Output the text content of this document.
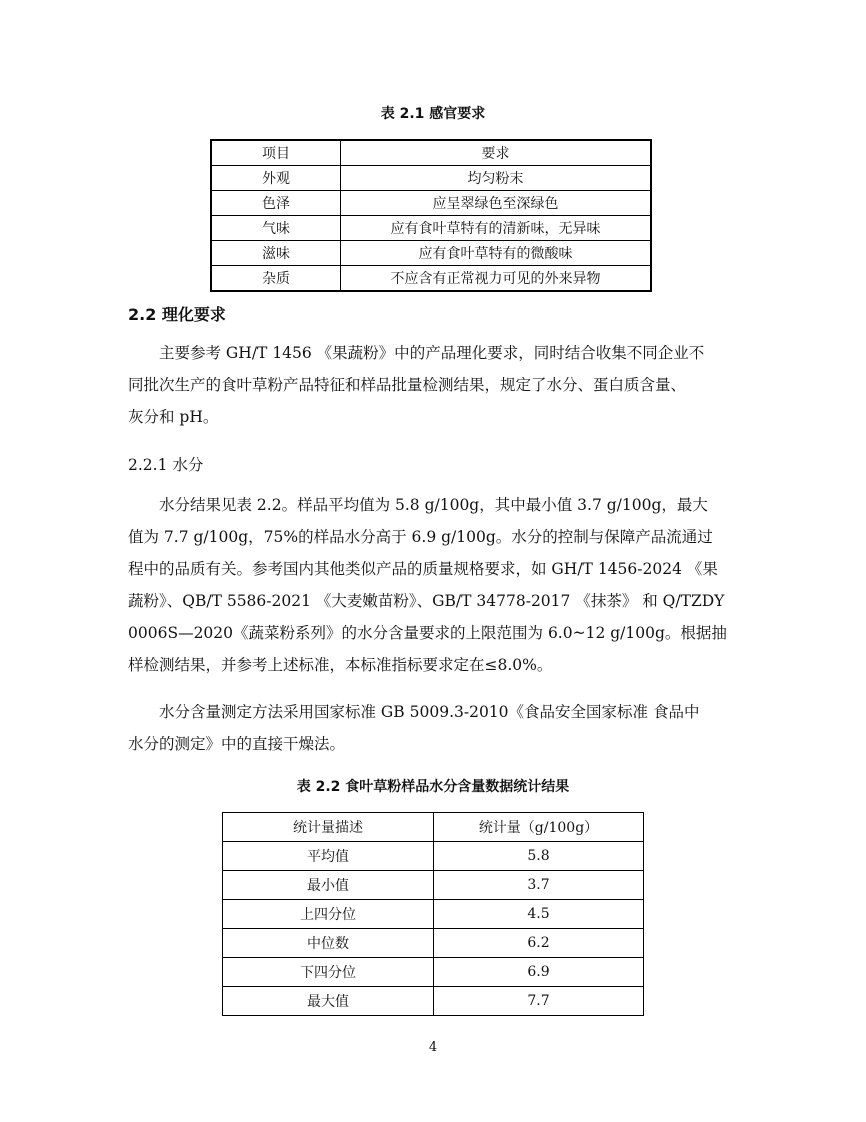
表 2.1 感官要求
项目	要求
外观	均匀粉末
色泽	应呈翠绿色至深绿色
气味	应有食叶草特有的清新味，无异味
滋味	应有食叶草特有的微酸味
杂质	不应含有正常视力可见的外来异物
2.2 理化要求
主要参考 GH/T 1456 《果蔬粉》中的产品理化要求，同时结合收集不同企业不
同批次生产的食叶草粉产品特征和样品批量检测结果，规定了水分、蛋白质含量、
灰分和 pH。
2.2.1 水分
水分结果见表 2.2。样品平均值为 5.8 g/100g，其中最小值 3.7 g/100g，最大
值为 7.7 g/100g，75%的样品水分高于 6.9 g/100g。水分的控制与保障产品流通过
程中的品质有关。参考国内其他类似产品的质量规格要求，如 GH/T 1456-2024 《果
蔬粉》、QB/T 5586-2021 《大麦嫩苗粉》、GB/T 34778-2017 《抹茶》 和 Q/TZDY
0006S—2020《蔬菜粉系列》的水分含量要求的上限范围为 6.0~12 g/100g。根据抽
样检测结果，并参考上述标准，本标准指标要求定在≤8.0%。
水分含量测定方法采用国家标准 GB 5009.3-2010《食品安全国家标准 食品中
水分的测定》中的直接干燥法。
表 2.2 食叶草粉样品水分含量数据统计结果
统计量描述	统计量（g/100g）
平均值	5.8
最小值	3.7
上四分位	4.5
中位数	6.2
下四分位	6.9
最大值	7.7
4
